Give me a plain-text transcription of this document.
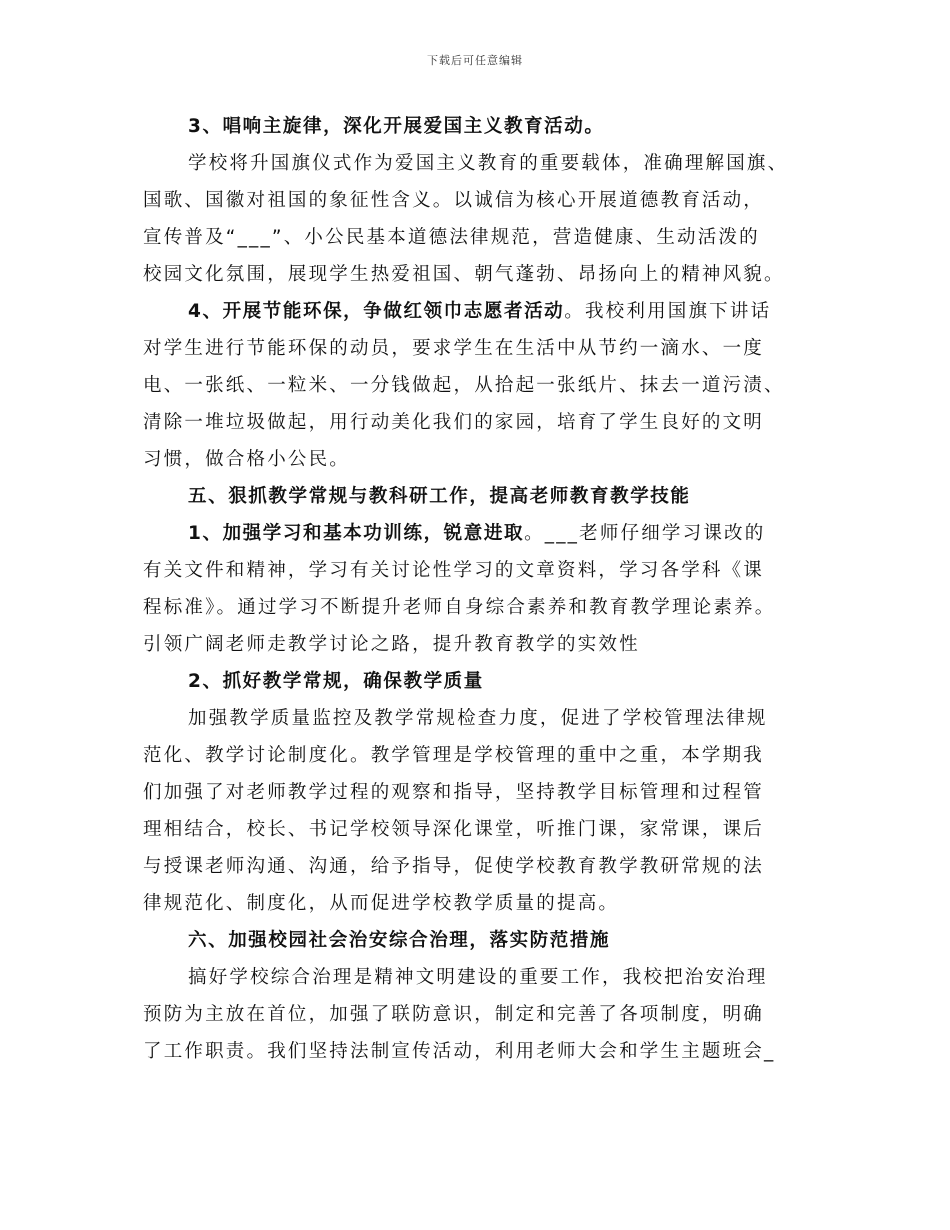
下载后可任意编辑
3、唱响主旋律，深化开展爱国主义教育活动。
学校将升国旗仪式作为爱国主义教育的重要载体，准确理解国旗、
国歌、国徽对祖国的象征性含义。以诚信为核心开展道德教育活动，
宣传普及“___”、小公民基本道德法律规范，营造健康、生动活泼的
校园文化氛围，展现学生热爱祖国、朝气蓬勃、昂扬向上的精神风貌。
4、开展节能环保，争做红领巾志愿者活动。我校利用国旗下讲话
对学生进行节能环保的动员，要求学生在生活中从节约一滴水、一度
电、一张纸、一粒米、一分钱做起，从拾起一张纸片、抹去一道污渍、
清除一堆垃圾做起，用行动美化我们的家园，培育了学生良好的文明
习惯，做合格小公民。
五、狠抓教学常规与教科研工作，提高老师教育教学技能
1、加强学习和基本功训练，锐意进取。___老师仔细学习课改的
有关文件和精神，学习有关讨论性学习的文章资料，学习各学科《课
程标准》。通过学习不断提升老师自身综合素养和教育教学理论素养。
引领广阔老师走教学讨论之路，提升教育教学的实效性
2、抓好教学常规，确保教学质量
加强教学质量监控及教学常规检查力度，促进了学校管理法律规
范化、教学讨论制度化。教学管理是学校管理的重中之重，本学期我
们加强了对老师教学过程的观察和指导，坚持教学目标管理和过程管
理相结合，校长、书记学校领导深化课堂，听推门课，家常课，课后
与授课老师沟通、沟通，给予指导，促使学校教育教学教研常规的法
律规范化、制度化，从而促进学校教学质量的提高。
六、加强校园社会治安综合治理，落实防范措施
搞好学校综合治理是精神文明建设的重要工作，我校把治安治理
预防为主放在首位，加强了联防意识，制定和完善了各项制度，明确
了工作职责。我们坚持法制宣传活动，利用老师大会和学生主题班会_
